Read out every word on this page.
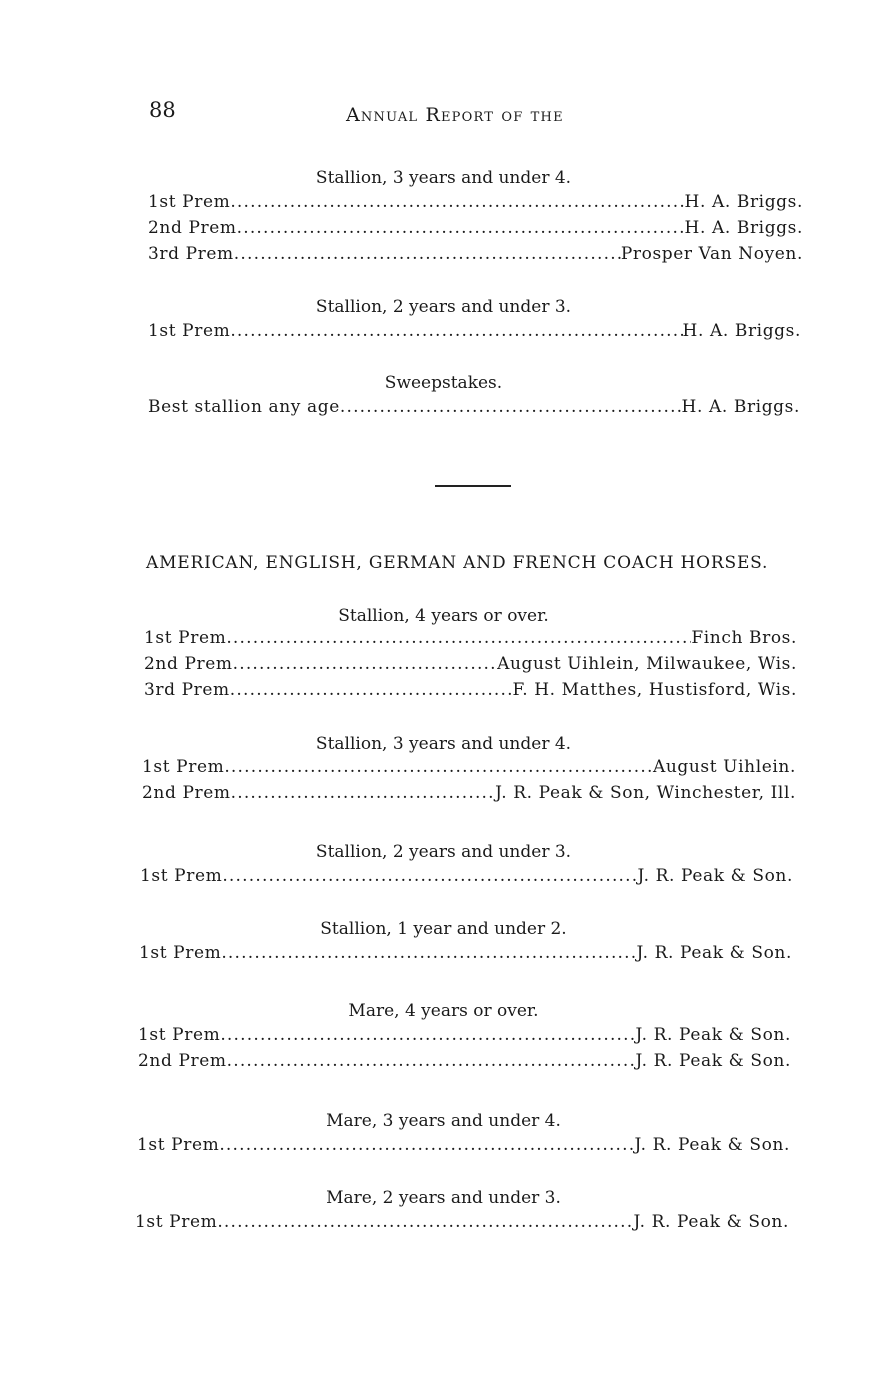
88	Annual Report of the
Stallion, 3 years and under 4.
1st Prem .....	H. A. Briggs.
2nd Prem .....	H. A. Briggs.
3rd Prem .....	Prosper Van Noyen.
Stallion, 2 years and under 3.
1st Prem .....	H. A. Briggs.
Sweepstakes.
Best stallion any age .....	H. A. Briggs.
AMERICAN, ENGLISH, GERMAN AND FRENCH COACH HORSES.
Stallion, 4 years or over.
1st Prem .....	Finch Bros.
2nd Prem .....	August Uihlein, Milwaukee, Wis.
3rd Prem .....	F. H. Matthes, Hustisford, Wis.
Stallion, 3 years and under 4.
1st Prem .....	August Uihlein.
2nd Prem .....	J. R. Peak & Son, Winchester, Ill.
Stallion, 2 years and under 3.
1st Prem .....	J. R. Peak & Son.
Stallion, 1 year and under 2.
1st Prem .....	J. R. Peak & Son.
Mare, 4 years or over.
1st Prem .....	J. R. Peak & Son.
2nd Prem .....	J. R. Peak & Son.
Mare, 3 years and under 4.
1st Prem .....	J. R. Peak & Son.
Mare, 2 years and under 3.
1st Prem .....	J. R. Peak & Son.
